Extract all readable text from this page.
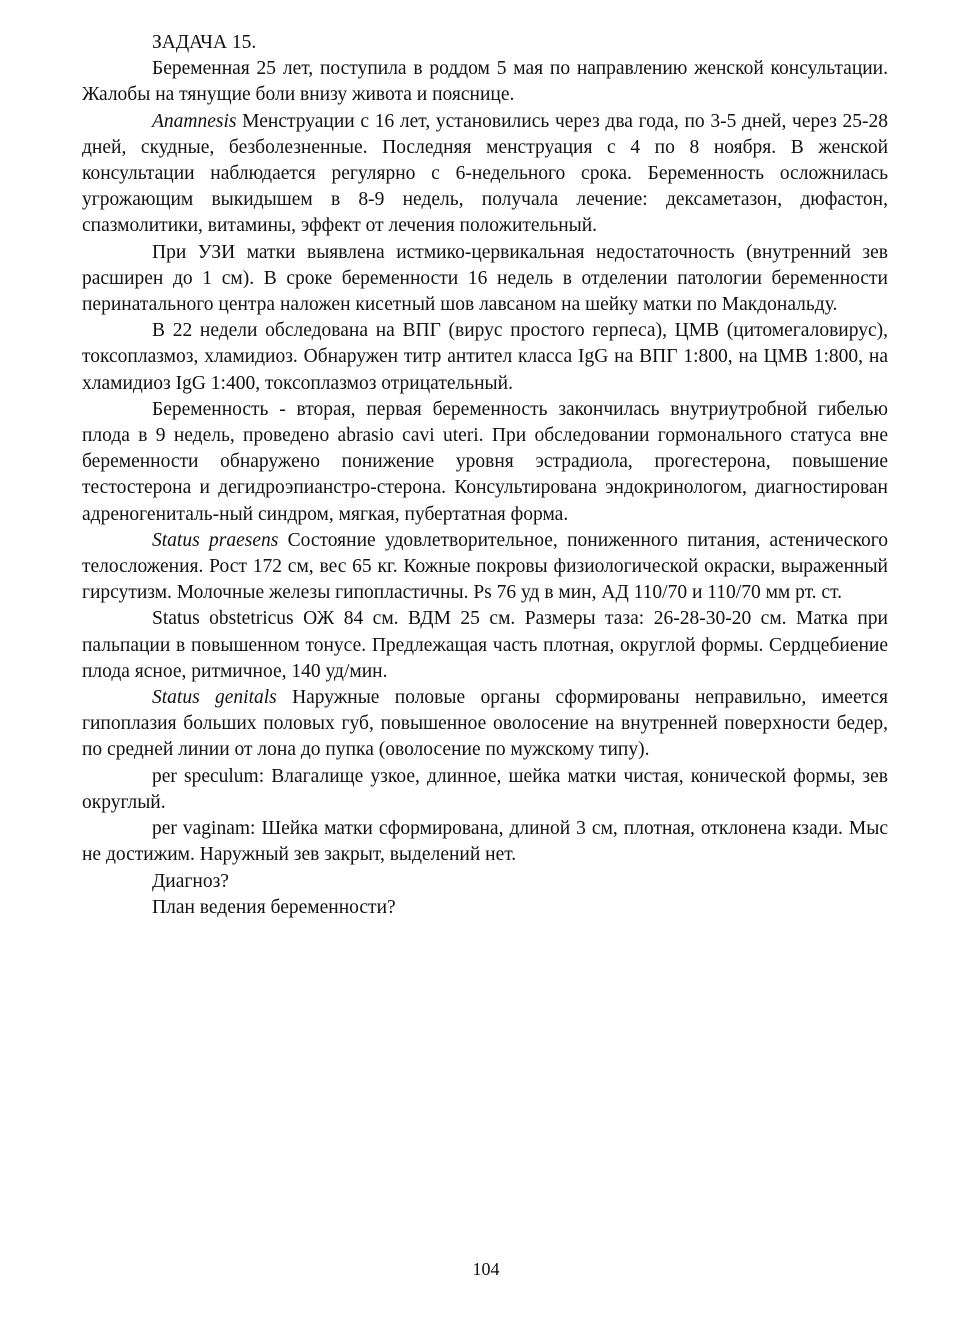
ЗАДАЧА 15.

Беременная 25 лет, поступила в роддом 5 мая по направлению женской консультации. Жалобы на тянущие боли внизу живота и пояснице.

Anamnesis Менструации с 16 лет, установились через два года, по 3-5 дней, через 25-28 дней, скудные, безболезненные. Последняя менструация с 4 по 8 ноября. В женской консультации наблюдается регулярно с 6-недельного срока. Беременность осложнилась угрожающим выкидышем в 8-9 недель, получала лечение: дексаметазон, дюфастон, спазмолитики, витамины, эффект от лечения положительный.

При УЗИ матки выявлена истмико-цервикальная недостаточность (внутренний зев расширен до 1 см). В сроке беременности 16 недель в отделении патологии беременности перинатального центра наложен кисетный шов лавсаном на шейку матки по Макдональду.

В 22 недели обследована на ВПГ (вирус простого герпеса), ЦМВ (цитомегаловирус), токсоплазмоз, хламидиоз. Обнаружен титр антител класса IgG на ВПГ 1:800, на ЦМВ 1:800, на хламидиоз IgG 1:400, токсоплазмоз отрицательный.

Беременность - вторая, первая беременность закончилась внутриутробной гибелью плода в 9 недель, проведено abrasio cavi uteri. При обследовании гормонального статуса вне беременности обнаружено понижение уровня эстрадиола, прогестерона, повышение тестостерона и дегидроэпианстро-стерона. Консультирована эндокринологом, диагностирован адреногениталь-ный синдром, мягкая, пубертатная форма.

Status praesens Состояние удовлетворительное, пониженного питания, астенического телосложения. Рост 172 см, вес 65 кг. Кожные покровы физиологической окраски, выраженный гирсутизм. Молочные железы гипопластичны. Ps 76 уд в мин, АД 110/70 и 110/70 мм рт. ст.

Status obstetricus ОЖ 84 см. ВДМ 25 см. Размеры таза: 26-28-30-20 см. Матка при пальпации в повышенном тонусе. Предлежащая часть плотная, округлой формы. Сердцебиение плода ясное, ритмичное, 140 уд/мин.

Status genitals Наружные половые органы сформированы неправильно, имеется гипоплазия больших половых губ, повышенное оволосение на внутренней поверхности бедер, по средней линии от лона до пупка (оволосение по мужскому типу).

per speculum: Влагалище узкое, длинное, шейка матки чистая, конической формы, зев округлый.

per vaginam: Шейка матки сформирована, длиной 3 см, плотная, отклонена кзади. Мыс не достижим. Наружный зев закрыт, выделений нет.

Диагноз?

План ведения беременности?

104
